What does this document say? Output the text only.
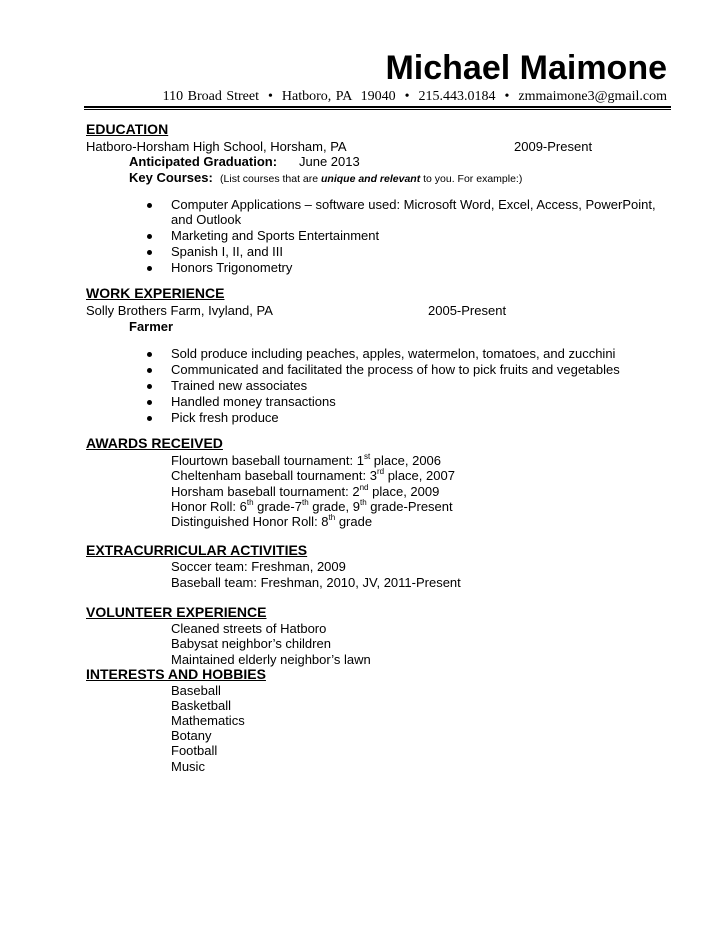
Michael Maimone
110 Broad Street  •  Hatboro, PA  19040  •  215.443.0184  •  zmmaimone3@gmail.com
EDUCATION
Hatboro-Horsham High School, Horsham, PA	2009-Present
Anticipated Graduation: June 2013
Key Courses: (List courses that are unique and relevant to you. For example:)
WORK EXPERIENCE
Solly Brothers Farm, Ivyland, PA	2005-Present
Farmer
AWARDS RECEIVED
EXTRACURRICULAR ACTIVITIES
VOLUNTEER EXPERIENCE
INTERESTS AND HOBBIES
Computer Applications – software used: Microsoft Word, Excel, Access, PowerPoint,
and Outlook
Marketing and Sports Entertainment
Spanish I, II, and III
Honors Trigonometry
Sold produce including peaches, apples, watermelon, tomatoes, and zucchini
Communicated and facilitated the process of how to pick fruits and vegetables
Trained new associates
Handled money transactions
Pick fresh produce
Flourtown baseball tournament: 1st place, 2006
Cheltenham baseball tournament: 3rd place, 2007
Horsham baseball tournament: 2nd place, 2009
Honor Roll: 6th grade-7th grade, 9th grade-Present
Distinguished Honor Roll: 8th grade
Soccer team: Freshman, 2009
Baseball team: Freshman, 2010, JV, 2011-Present
Cleaned streets of Hatboro
Babysat neighbor’s children
Maintained elderly neighbor’s lawn
Baseball
Basketball
Mathematics
Botany
Football
Music
